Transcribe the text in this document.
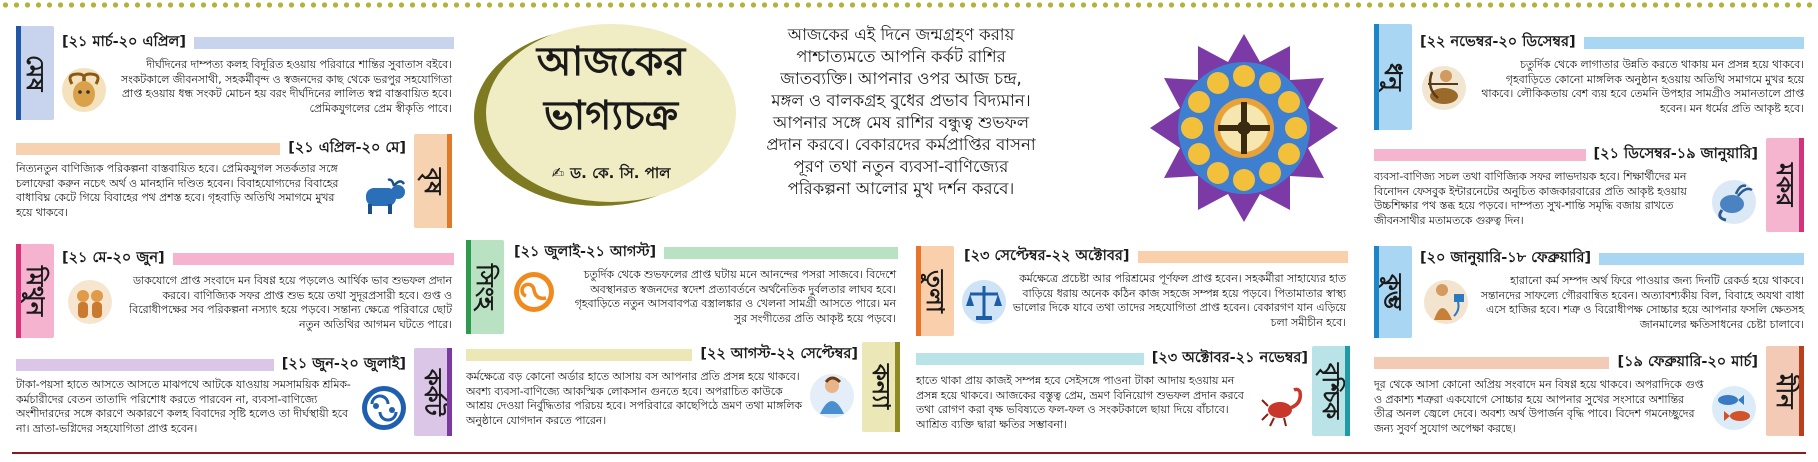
মেষ
[২১ মার্চ-২০ এপ্রিল]
দীর্ঘদিনের দাম্পত্য কলহ বিদূরিত হওয়ায় পরিবারে শান্তির সুবাতাস বইবে। সংকটকালে জীবনসাথী, সহকর্মীবৃন্দ ও স্বজনদের কাছ থেকে ভরপুর সহযোগিতা প্রাপ্ত হওয়ায় ধন্ধ সংকট মোচন হয় বরং দীর্ঘদিনের লালিত স্বপ্ন বাস্তবায়িত হবে। প্রেমিকযুগলের প্রেম স্বীকৃতি পাবে।
[২১ এপ্রিল-২০ মে]
বৃষ
নিত্যনতুন বাণিজ্যিক পরিকল্পনা বাস্তবায়িত হবে। প্রেমিকযুগল সতর্কতার সঙ্গে চলাফেরা করুন নচেৎ অর্থ ও মানহানি দণ্ডিত হবেন। বিবাহযোগ্যদের বিবাহের বাধাবিঘ্ন কেটে গিয়ে বিবাহের পথ প্রশস্ত হবে। গৃহবাড়ি অতিথি সমাগমে মুখর হয়ে থাকবে।
মিথুন
[২১ মে-২০ জুন]
ডাকযোগে প্রাপ্ত সংবাদে মন বিষণ্ণ হয়ে পড়লেও আর্থিক ভাব শুভফল প্রদান করবে। বাণিজ্যিক সফর প্রাপ্ত শুভ হয়ে তথা সুদূরপ্রসারী হবে। গুপ্ত ও বিরোধীপক্ষের সব পরিকল্পনা নস্যাৎ হয়ে পড়বে। সন্তান্য ক্ষেত্রে পরিবারে ছোট নতুন অতিথির আগমন ঘটতে পারে।
[২১ জুন-২০ জুলাই]
কর্কট
টাকা-পয়সা হাতে আসতে আসতে মাঝপথে আটকে যাওয়ায় সমসাময়িক শ্রমিক-কর্মচারীদের বেতন তাতাদি পরিশোধ করতে পারবেন না, ব্যবসা-বাণিজ্যে অংশীদারদের সঙ্গে কারণে অকারণে কলহ বিবাদের সৃষ্টি হলেও তা দীর্ঘস্থায়ী হবে না। ভ্রাতা-ভগ্নিদের সহযোগিতা প্রাপ্ত হবেন।
আজকের
ভাগ্যচক্র
✍ ড. কে. সি. পাল
আজকের এই দিনে জন্মগ্রহণ করায় পাশ্চাত্যমতে আপনি কর্কট রাশির জাতব্যক্তি। আপনার ওপর আজ চন্দ্র, মঙ্গল ও বালকগ্রহ বুধের প্রভাব বিদ্যমান। আপনার সঙ্গে মেষ রাশির বন্ধুত্ব শুভফল প্রদান করবে। বেকারদের কর্মপ্রাপ্তির বাসনা পূরণ তথা নতুন ব্যবসা-বাণিজ্যের পরিকল্পনা আলোর মুখ দর্শন করবে।
সিংহ
[২১ জুলাই-২১ আগস্ট]
চতুর্দিক থেকে শুভফলের প্রাপ্ত ঘটায় মনে আনন্দের পসরা সাজবে। বিদেশে অবস্থানরত স্বজনদের স্বদেশ প্রত্যাবর্তনে অর্থনৈতিক দুর্বলতার লাঘব হবে। গৃহবাড়িতে নতুন আসবাবপত্র বস্ত্রালঙ্কার ও খেলনা সামগ্রী আসতে পারে। মন সুর সংগীতের প্রতি আকৃষ্ট হয়ে পড়বে।
[২২ আগস্ট-২২ সেপ্টেম্বর]
কন্যা
কর্মক্ষেত্রে বড় কোনো অর্ডার হাতে আসায় বস আপনার প্রতি প্রসন্ন হয়ে থাকবে। অবশ্য ব্যবসা-বাণিজ্যে আকস্মিক লোকসান গুনতে হবে। অপরাচিত কাউকে আশ্রয় দেওয়া নির্বুদ্ধিতার পরিচয় হবে। সপরিবারে কাছেপিঠে ভ্রমণ তথা মাঙ্গলিক অনুষ্ঠানে যোগদান করতে পারেন।
তুলা
[২৩ সেপ্টেম্বর-২২ অক্টোবর]
কর্মক্ষেত্রে প্রচেষ্টা আর পরিশ্রমের পূর্ণফল প্রাপ্ত হবেন। সহকর্মীরা সাহায্যের হাত বাড়িয়ে ধরায় অনেক কঠিন কাজ সহজে সম্পন্ন হয়ে পড়বে। পিতামাতার স্বাস্থ্য ভালোর দিকে যাবে তথা তাদের সহযোগিতা প্রাপ্ত হবেন। বেকারগণ যান এড়িয়ে চলা সমীচীন হবে।
[২৩ অক্টোবর-২১ নভেম্বর]
বৃশ্চিক
হাতে থাকা প্রায় কাজই সম্পন্ন হবে সেইসঙ্গে পাওনা টাকা আদায় হওয়ায় মন প্রসন্ন হয়ে থাকবে। আজকের বস্তুত্ব প্রেম, ভ্রমণ বিনিয়োগ শুভফল প্রদান করবে তথা রোগণ করা বৃক্ষ ভবিষ্যতে ফল-ফল ও সংকটকালে ছায়া দিয়ে বাঁচাবে। আশ্রিত ব্যক্তি দ্বারা ক্ষতির সম্ভাবনা।
ধনু
[২২ নভেম্বর-২০ ডিসেম্বর]
চতুর্দিক থেকে লাগাতার উন্নতি করতে থাকায় মন প্রসন্ন হয়ে থাকবে। গৃহবাড়িতে কোনো মাঙ্গলিক অনুষ্ঠান হওয়ায় অতিথি সমাগমে মুখর হয়ে থাকবে। লৌকিকতায় বেশ ব্যয় হবে তেমনি উপহার সামগ্রীও সমানতালে প্রাপ্ত হবেন। মন ধর্মের প্রতি আকৃষ্ট হবে।
[২১ ডিসেম্বর-১৯ জানুয়ারি]
মকর
ব্যবসা-বাণিজ্য সচল তথা বাণিজ্যিক সফর লাভদায়ক হবে। শিক্ষার্থীদের মন বিনোদন ফেসবুক ইন্টারনেটের অনুচিত কাজকারবারের প্রতি আকৃষ্ট হওয়ায় উচ্চশিক্ষার পথ স্তব্ধ হয়ে পড়বে। দাম্পত্য সুখ-শান্তি সমৃদ্ধি বজায় রাখতে জীবনসাথীর মতামতকে গুরুত্ব দিন।
কুম্ভ
[২০ জানুয়ারি-১৮ ফেব্রুয়ারি]
হারানো কর্ম সম্পদ অর্থ ফিরে পাওয়ার জন্য দিনটি রেকর্ড হয়ে থাকবে। সন্তানদের সাফল্যে গৌরবান্বিত হবেন। অত্যাবশ্যকীয় বিল, বিবাহে অযথা বাধা এসে হাজির হবে। শত্রু ও বিরোধীপক্ষ সোচ্চার হয়ে আপনার ফসলি ক্ষেতসহ জানমালের ক্ষতিসাধনের চেষ্টা চালাবে।
[১৯ ফেব্রুয়ারি-২০ মার্চ]
মীন
দূর থেকে আসা কোনো অপ্রিয় সংবাদে মন বিষণ্ণ হয়ে থাকবে। অপরাদিকে গুপ্ত ও প্রকাশ্য শত্রুরা একযোগে সোচ্চার হয়ে আপনার সুখের সংসারে অশান্তির তীব্র অনল জ্বেলে দেবে। অবশ্য অর্থ উপার্জন বৃদ্ধি পাবে। বিদেশ গমনেচ্ছুদের জন্য সুবর্ণ সুযোগ অপেক্ষা করছে।
